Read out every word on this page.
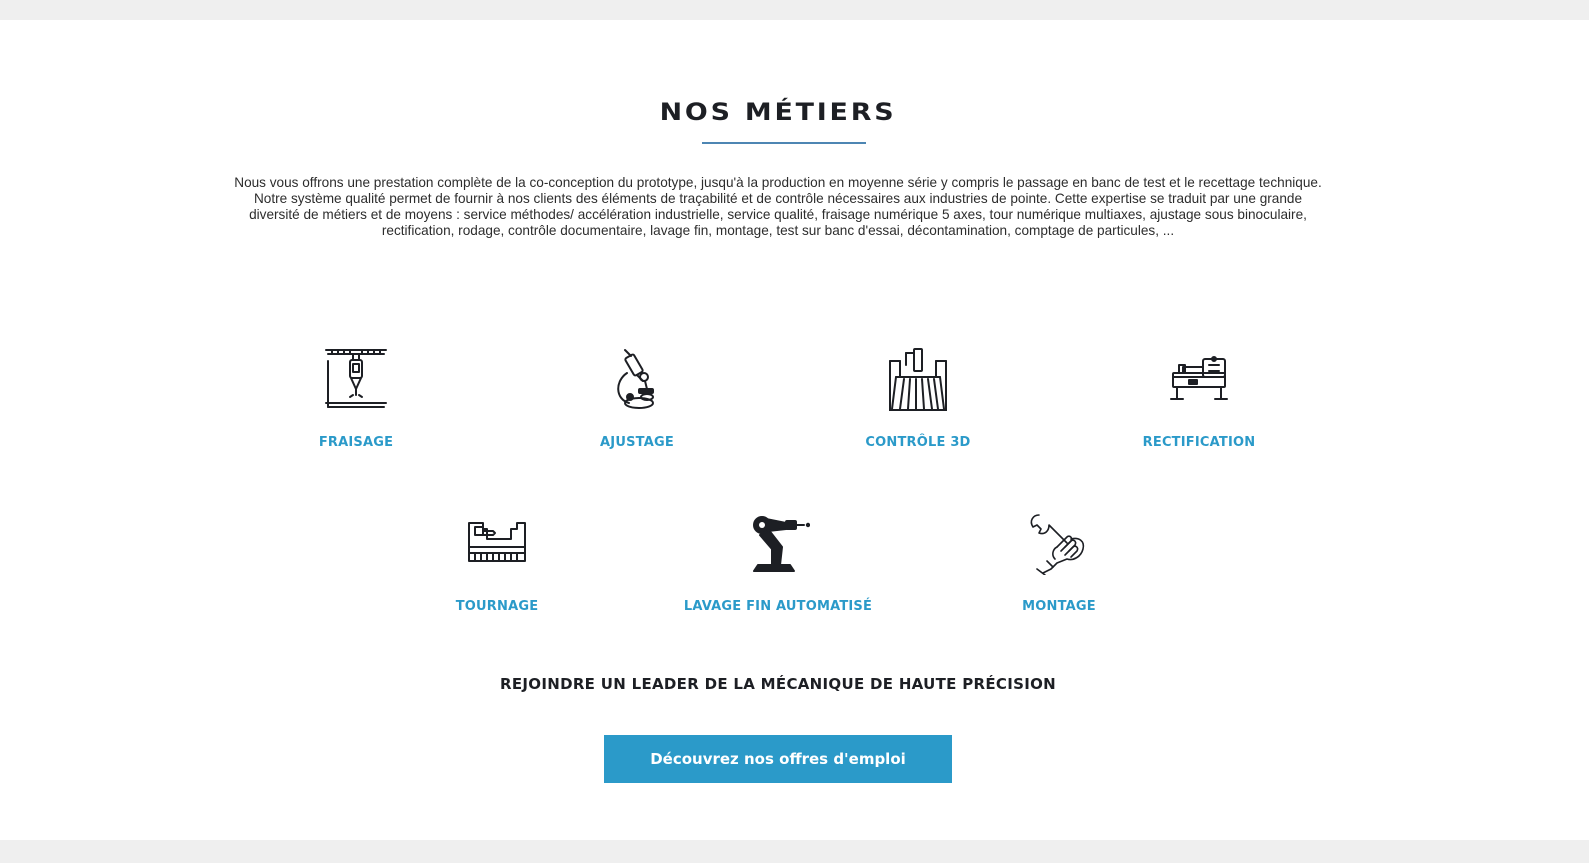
NOS MÉTIERS

Nous vous offrons une prestation complète de la co-conception du prototype, jusqu'à la production en moyenne série y compris le passage en banc de test et le recettage technique. Notre système qualité permet de fournir à nos clients des éléments de traçabilité et de contrôle nécessaires aux industries de pointe. Cette expertise se traduit par une grande diversité de métiers et de moyens : service méthodes/ accélération industrielle, service qualité, fraisage numérique 5 axes, tour numérique multiaxes, ajustage sous binoculaire, rectification, rodage, contrôle documentaire, lavage fin, montage, test sur banc d'essai, décontamination, comptage de particules, ...

FRAISAGE	AJUSTAGE	CONTRÔLE 3D	RECTIFICATION
TOURNAGE	LAVAGE FIN AUTOMATISÉ	MONTAGE
REJOINDRE UN LEADER DE LA MÉCANIQUE DE HAUTE PRÉCISION
Découvrez nos offres d'emploi
